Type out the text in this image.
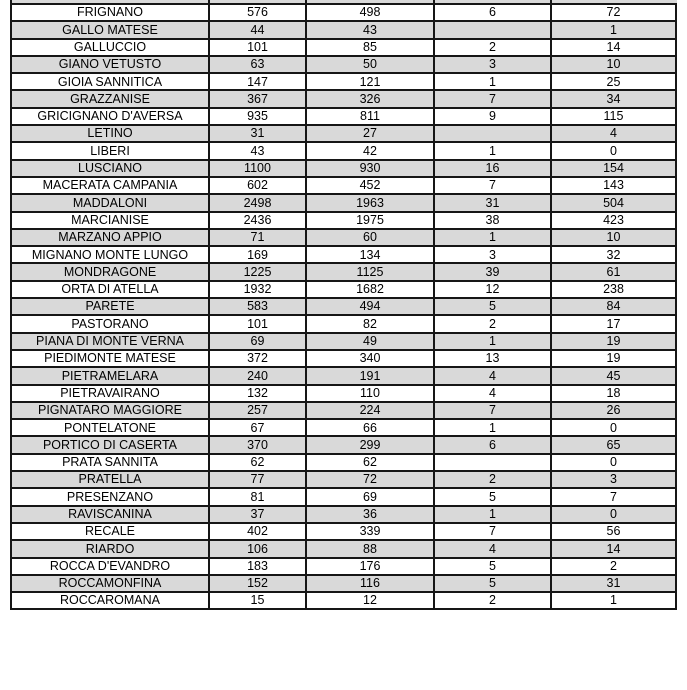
FRIGNANO	576	498	6	72
GALLO MATESE	44	43		1
GALLUCCIO	101	85	2	14
GIANO VETUSTO	63	50	3	10
GIOIA SANNITICA	147	121	1	25
GRAZZANISE	367	326	7	34
GRICIGNANO D'AVERSA	935	811	9	115
LETINO	31	27		4
LIBERI	43	42	1	0
LUSCIANO	1100	930	16	154
MACERATA CAMPANIA	602	452	7	143
MADDALONI	2498	1963	31	504
MARCIANISE	2436	1975	38	423
MARZANO APPIO	71	60	1	10
MIGNANO MONTE LUNGO	169	134	3	32
MONDRAGONE	1225	1125	39	61
ORTA DI ATELLA	1932	1682	12	238
PARETE	583	494	5	84
PASTORANO	101	82	2	17
PIANA DI MONTE VERNA	69	49	1	19
PIEDIMONTE MATESE	372	340	13	19
PIETRAMELARA	240	191	4	45
PIETRAVAIRANO	132	110	4	18
PIGNATARO MAGGIORE	257	224	7	26
PONTELATONE	67	66	1	0
PORTICO DI CASERTA	370	299	6	65
PRATA SANNITA	62	62		0
PRATELLA	77	72	2	3
PRESENZANO	81	69	5	7
RAVISCANINA	37	36	1	0
RECALE	402	339	7	56
RIARDO	106	88	4	14
ROCCA D'EVANDRO	183	176	5	2
ROCCAMONFINA	152	116	5	31
ROCCAROMANA	15	12	2	1
